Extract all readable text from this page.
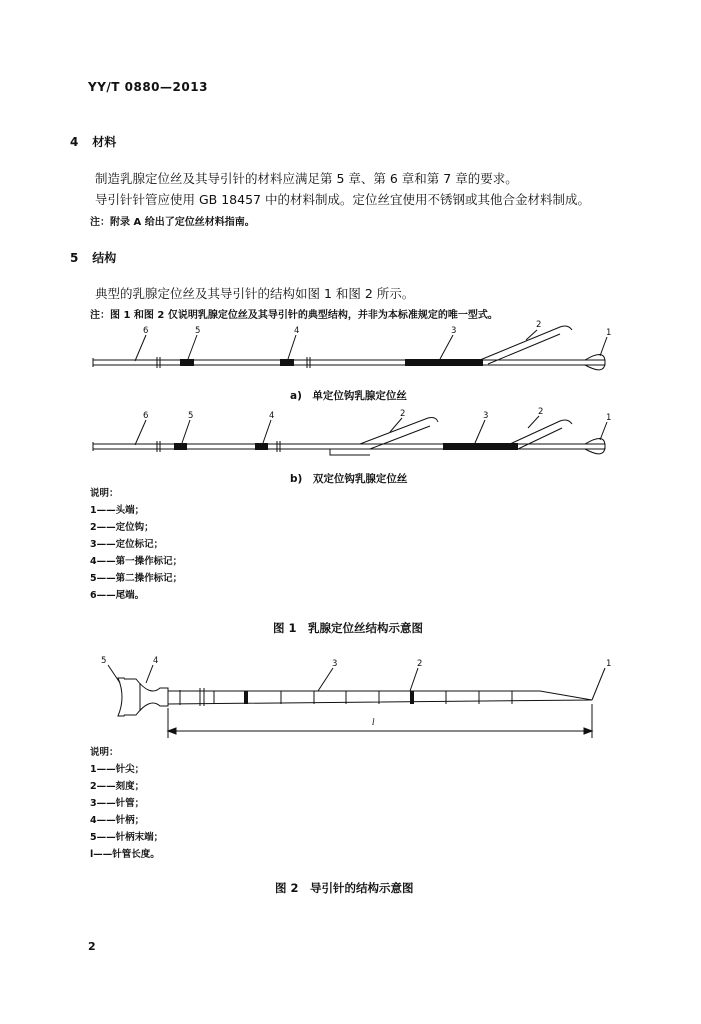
YY/T 0880—2013
4 材料
制造乳腺定位丝及其导引针的材料应满足第 5 章、第 6 章和第 7 章的要求。
导引针针管应使用 GB 18457 中的材料制成。定位丝宜使用不锈钢或其他合金材料制成。
注：附录 A 给出了定位丝材料指南。
5 结构
典型的乳腺定位丝及其导引针的结构如图 1 和图 2 所示。
注：图 1 和图 2 仅说明乳腺定位丝及其导引针的典型结构，并非为本标准规定的唯一型式。
6	5	4	3
2
1
a)　单定位钩乳腺定位丝
6	5	4	2	3	2
1
b)　双定位钩乳腺定位丝
说明：
1——头端；
2——定位钩；
3——定位标记；
4——第一操作标记；
5——第二操作标记；
6——尾端。
图 1　乳腺定位丝结构示意图
5	4	3	2	1
l
说明：
1——针尖；
2——刻度；
3——针管；
4——针柄；
5——针柄末端；
l——针管长度。
图 2　导引针的结构示意图
2
